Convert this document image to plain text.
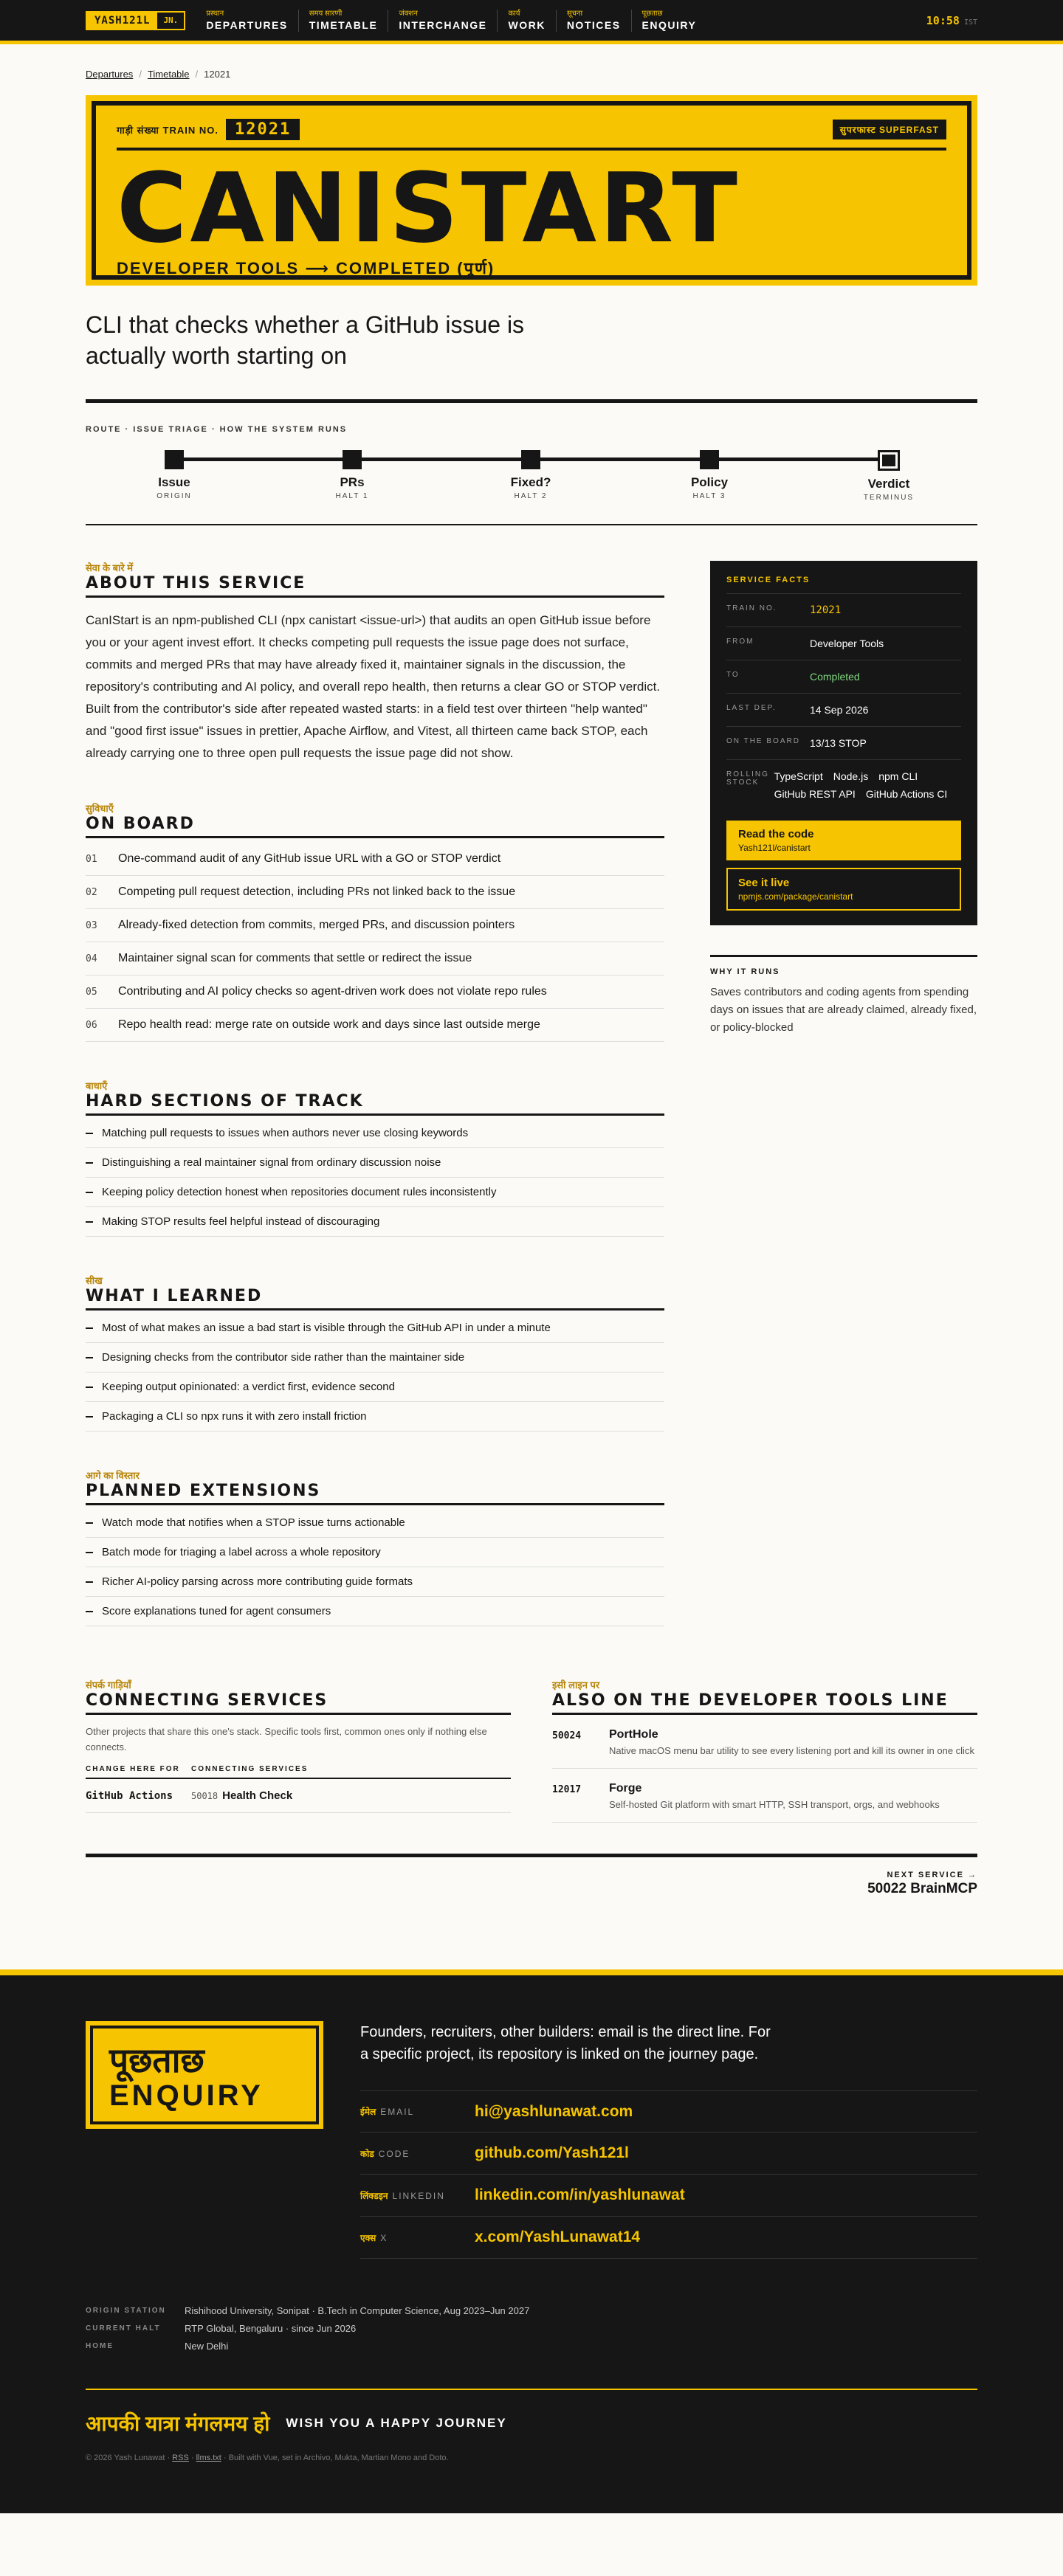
YASH121L	JN.
प्रस्थान
DEPARTURES
समय सारणी
TIMETABLE
जंक्शन
INTERCHANGE
कार्य
WORK
सूचना
NOTICES
पूछताछ
ENQUIRY	10:58 IST
Departures / Timetable / 12021
गाड़ी संख्या TRAIN NO.	12021	सुपरफास्ट SUPERFAST
CANISTART
DEVELOPER TOOLS ⟶ COMPLETED (पूर्ण)
CLI that checks whether a GitHub issue is actually worth starting on
ROUTE · ISSUE TRIAGE · HOW THE SYSTEM RUNS
Issue
ORIGIN
PRs
HALT 1
Fixed?
HALT 2
Policy
HALT 3
Verdict
TERMINUS
सेवा के बारे में
ABOUT THIS SERVICE

CanIStart is an npm-published CLI (npx canistart <issue-url>) that audits an open GitHub issue before you or your agent invest effort. It checks competing pull requests the issue page does not surface, commits and merged PRs that may have already fixed it, maintainer signals in the discussion, the repository's contributing and AI policy, and overall repo health, then returns a clear GO or STOP verdict. Built from the contributor's side after repeated wasted starts: in a field test over thirteen "help wanted" and "good first issue" issues in prettier, Apache Airflow, and Vitest, all thirteen came back STOP, each already carrying one to three open pull requests the issue page did not show.

सुविधाएँ
ON BOARD
01	One-command audit of any GitHub issue URL with a GO or STOP verdict
02	Competing pull request detection, including PRs not linked back to the issue
03	Already-fixed detection from commits, merged PRs, and discussion pointers
04	Maintainer signal scan for comments that settle or redirect the issue
05	Contributing and AI policy checks so agent-driven work does not violate repo rules
06	Repo health read: merge rate on outside work and days since last outside merge
बाधाएँ
HARD SECTIONS OF TRACK
Matching pull requests to issues when authors never use closing keywords
Distinguishing a real maintainer signal from ordinary discussion noise
Keeping policy detection honest when repositories document rules inconsistently
Making STOP results feel helpful instead of discouraging
सीख
WHAT I LEARNED
Most of what makes an issue a bad start is visible through the GitHub API in under a minute
Designing checks from the contributor side rather than the maintainer side
Keeping output opinionated: a verdict first, evidence second
Packaging a CLI so npx runs it with zero install friction
आगे का विस्तार
PLANNED EXTENSIONS
Watch mode that notifies when a STOP issue turns actionable
Batch mode for triaging a label across a whole repository
Richer AI-policy parsing across more contributing guide formats
Score explanations tuned for agent consumers
SERVICE FACTS
TRAIN NO.	12021
FROM	Developer Tools
TO	Completed
LAST DEP.	14 Sep 2026
ON THE BOARD 13/13 STOP
ROLLING STOCK
TypeScript Node.js npm CLI
GitHub REST API GitHub Actions CI
Read the code
Yash121l/canistart
See it live
npmjs.com/package/canistart
WHY IT RUNS

Saves contributors and coding agents from spending days on issues that are already claimed, already fixed, or policy-blocked

संपर्क गाड़ियाँ
CONNECTING SERVICES

Other projects that share this one's stack. Specific tools first, common ones only if nothing else connects.

CHANGE HERE FOR	CONNECTING SERVICES
GitHub Actions	50018 Health Check
इसी लाइन पर
ALSO ON THE DEVELOPER TOOLS LINE
50024	PortHole
Native macOS menu bar utility to see every listening port and kill its owner in one click
12017	Forge
Self-hosted Git platform with smart HTTP, SSH transport, orgs, and webhooks
NEXT SERVICE →
50022 BrainMCP
पूछताछ
ENQUIRY

Founders, recruiters, other builders: email is the direct line. For a specific project, its repository is linked on the journey page.

ईमेल EMAIL	hi@yashlunawat.com
कोड CODE	github.com/Yash121l
लिंक्डइन LINKEDIN	linkedin.com/in/yashlunawat
एक्स X	x.com/YashLunawat14
ORIGIN STATION	Rishihood University, Sonipat · B.Tech in Computer Science, Aug 2023–Jun 2027
CURRENT HALT	RTP Global, Bengaluru · since Jun 2026
HOME	New Delhi
आपकी यात्रा मंगलमय हो WISH YOU A HAPPY JOURNEY
© 2026 Yash Lunawat · RSS · llms.txt · Built with Vue, set in Archivo, Mukta, Martian Mono and Doto.
